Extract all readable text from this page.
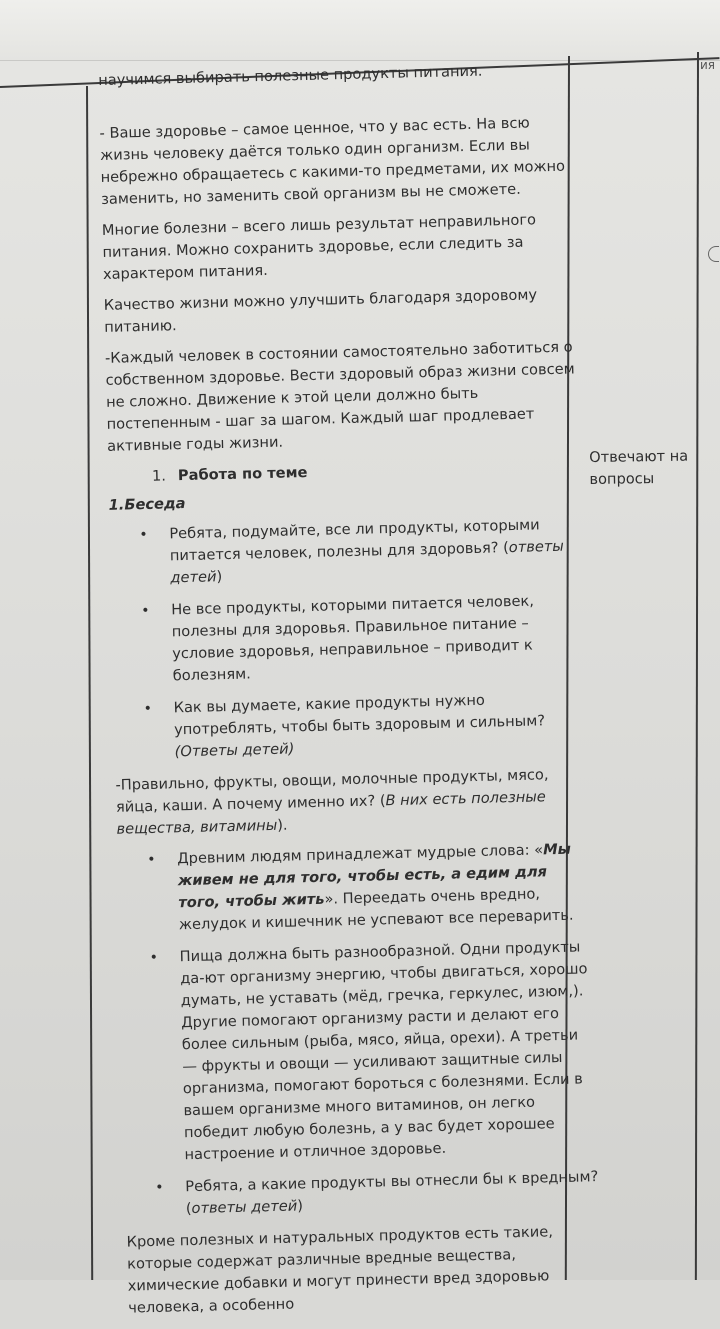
ия

научимся выбирать полезные продукты питания.

- Ваше здоровье – самое ценное, что у вас есть. На всю жизнь человеку даётся только один организм. Если вы небрежно обращаетесь с какими-то предметами, их можно заменить, но заменить свой организм вы не сможете.

Многие болезни – всего лишь результат неправильного питания. Можно сохранить здоровье, если следить за характером питания.

Качество жизни можно улучшить благодаря здоровому питанию.

-Каждый человек в состоянии самостоятельно заботиться о собственном здоровье. Вести здоровый образ жизни совсем не сложно. Движение к этой цели должно быть постепенным - шаг за шагом. Каждый шаг продлевает активные годы жизни.

1. Работа по теме
1.Беседа
• Ребята, подумайте, все ли продукты, которыми питается человек, полезны для здоровья? (ответы детей)
• Не все продукты, которыми питается человек, полезны для здоровья. Правильное питание – условие здоровья, неправильное – приводит к болезням.
• Как вы думаете, какие продукты нужно употреблять, чтобы быть здоровым и сильным? (Ответы детей)

-Правильно, фрукты, овощи, молочные продукты, мясо, яйца, каши. А почему именно их? (В них есть полезные вещества, витамины).

• Древним людям принадлежат мудрые слова: «Мы живем не для того, чтобы есть, а едим для того, чтобы жить». Переедать очень вредно, желудок и кишечник не успевают все переварить.
• Пища должна быть разнообразной. Одни продукты да-ют организму энергию, чтобы двигаться, хорошо думать, не уставать (мёд, гречка, геркулес, изюм,). Другие помогают организму расти и делают его более сильным (рыба, мясо, яйца, орехи). А третьи — фрукты и овощи — усиливают защитные силы организма, помогают бороться с болезнями. Если в вашем организме много витаминов, он легко победит любую болезнь, а у вас будет хорошее настроение и отличное здоровье.
• Ребята, а какие продукты вы отнесли бы к вредным? (ответы детей)

Кроме полезных и натуральных продуктов есть такие, которые содержат различные вредные вещества, химические добавки и могут принести вред здоровью человека, а особенно

Отвечают на вопросы
